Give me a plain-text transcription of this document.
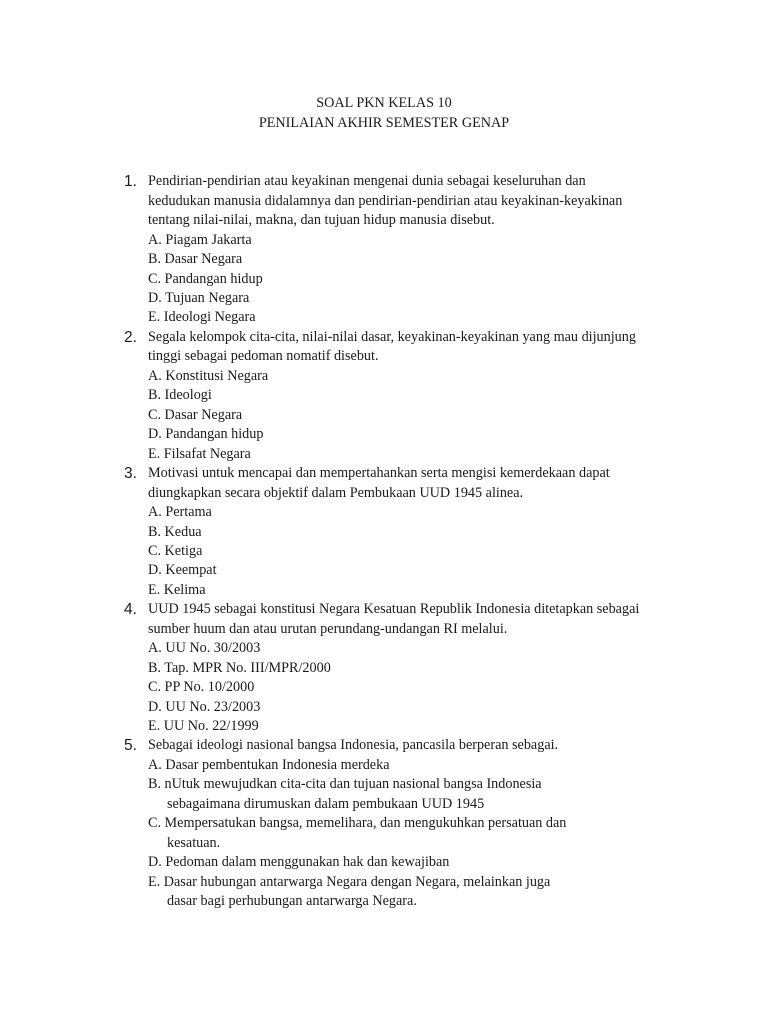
SOAL PKN KELAS 10
PENILAIAN AKHIR SEMESTER GENAP
1. Pendirian-pendirian atau keyakinan mengenai dunia sebagai keseluruhan dan
kedudukan manusia didalamnya dan pendirian-pendirian atau keyakinan-keyakinan
tentang nilai-nilai, makna, dan tujuan hidup manusia disebut.
A. Piagam Jakarta
B. Dasar Negara
C. Pandangan hidup
D. Tujuan Negara
E. Ideologi Negara
2. Segala kelompok cita-cita, nilai-nilai dasar, keyakinan-keyakinan yang mau dijunjung
tinggi sebagai pedoman nomatif disebut.
A. Konstitusi Negara
B. Ideologi
C. Dasar Negara
D. Pandangan hidup
E. Filsafat Negara
3. Motivasi untuk mencapai dan mempertahankan serta mengisi kemerdekaan dapat
diungkapkan secara objektif dalam Pembukaan UUD 1945 alinea.
A. Pertama
B. Kedua
C. Ketiga
D. Keempat
E. Kelima
4. UUD 1945 sebagai konstitusi Negara Kesatuan Republik Indonesia ditetapkan sebagai
sumber huum dan atau urutan perundang-undangan RI melalui.
A. UU No. 30/2003
B. Tap. MPR No. III/MPR/2000
C. PP No. 10/2000
D. UU No. 23/2003
E. UU No. 22/1999
5. Sebagai ideologi nasional bangsa Indonesia, pancasila berperan sebagai.
A. Dasar pembentukan Indonesia merdeka
B. nUtuk mewujudkan cita-cita dan tujuan nasional bangsa Indonesia
sebagaimana dirumuskan dalam pembukaan UUD 1945
C. Mempersatukan bangsa, memelihara, dan mengukuhkan persatuan dan
kesatuan.
D. Pedoman dalam menggunakan hak dan kewajiban
E. Dasar hubungan antarwarga Negara dengan Negara, melainkan juga
dasar bagi perhubungan antarwarga Negara.
